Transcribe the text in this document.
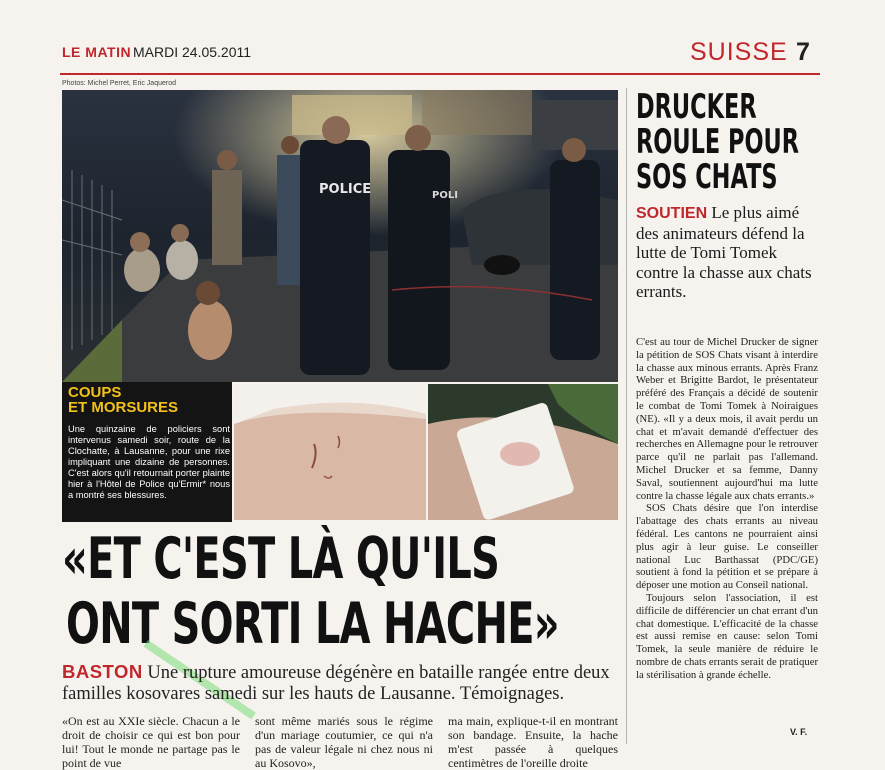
LE MATIN MARDI 24.05.2011	SUISSE 7
Photos: Michel Perret, Eric Jaquerod
POLICE	POLI
COUPS
ET MORSURES
Une quinzaine de policiers sont intervenus samedi soir, route de la Clochatte, à Lausanne, pour une rixe impliquant une dizaine de personnes. C'est alors qu'il retournait porter plainte hier à l'Hôtel de Police qu'Ermir* nous a montré ses blessures.
«ET C'EST LÀ QU'ILS
ONT SORTI LA HACHE»
BASTON Une rupture amoureuse dégénère en bataille rangée entre deux familles kosovares samedi sur les hauts de Lausanne. Témoignages.
«On est au XXIe siècle. Chacun a le droit de choisir ce qui est bon pour lui! Tout le monde ne partage pas le point de vue
sont même mariés sous le régime d'un mariage coutumier, ce qui n'a pas de valeur légale ni chez nous ni au Kosovo»,
ma main, explique-t-il en montrant son bandage. Ensuite, la hache m'est passée à quelques centimètres de l'oreille droite
DRUCKER
ROULE POUR
SOS CHATS
SOUTIEN Le plus aimé des animateurs défend la lutte de Tomi Tomek contre la chasse aux chats errants.

C'est au tour de Michel Drucker de signer la pétition de SOS Chats visant à interdire la chasse aux minous errants. Après Franz Weber et Brigitte Bardot, le présentateur préféré des Français a décidé de soutenir le combat de Tomi Tomek à Noiraigues (NE). «Il y a deux mois, il avait perdu un chat et m'avait demandé d'effectuer des recherches en Allemagne pour le retrouver parce qu'il ne parlait pas l'allemand. Michel Drucker et sa femme, Danny Saval, soutiennent aujourd'hui ma lutte contre la chasse légale aux chats errants.»

SOS Chats désire que l'on interdise l'abattage des chats errants au niveau fédéral. Les cantons ne pourraient ainsi plus agir à leur guise. Le conseiller national Luc Barthassat (PDC/GE) soutient à fond la pétition et se prépare à déposer une motion au Conseil national.

Toujours selon l'association, il est difficile de différencier un chat errant d'un chat domestique. L'efficacité de la chasse est aussi remise en cause: selon Tomi Tomek, la seule manière de réduire le nombre de chats errants serait de pratiquer la stérilisation à grande échelle.

V. F.
